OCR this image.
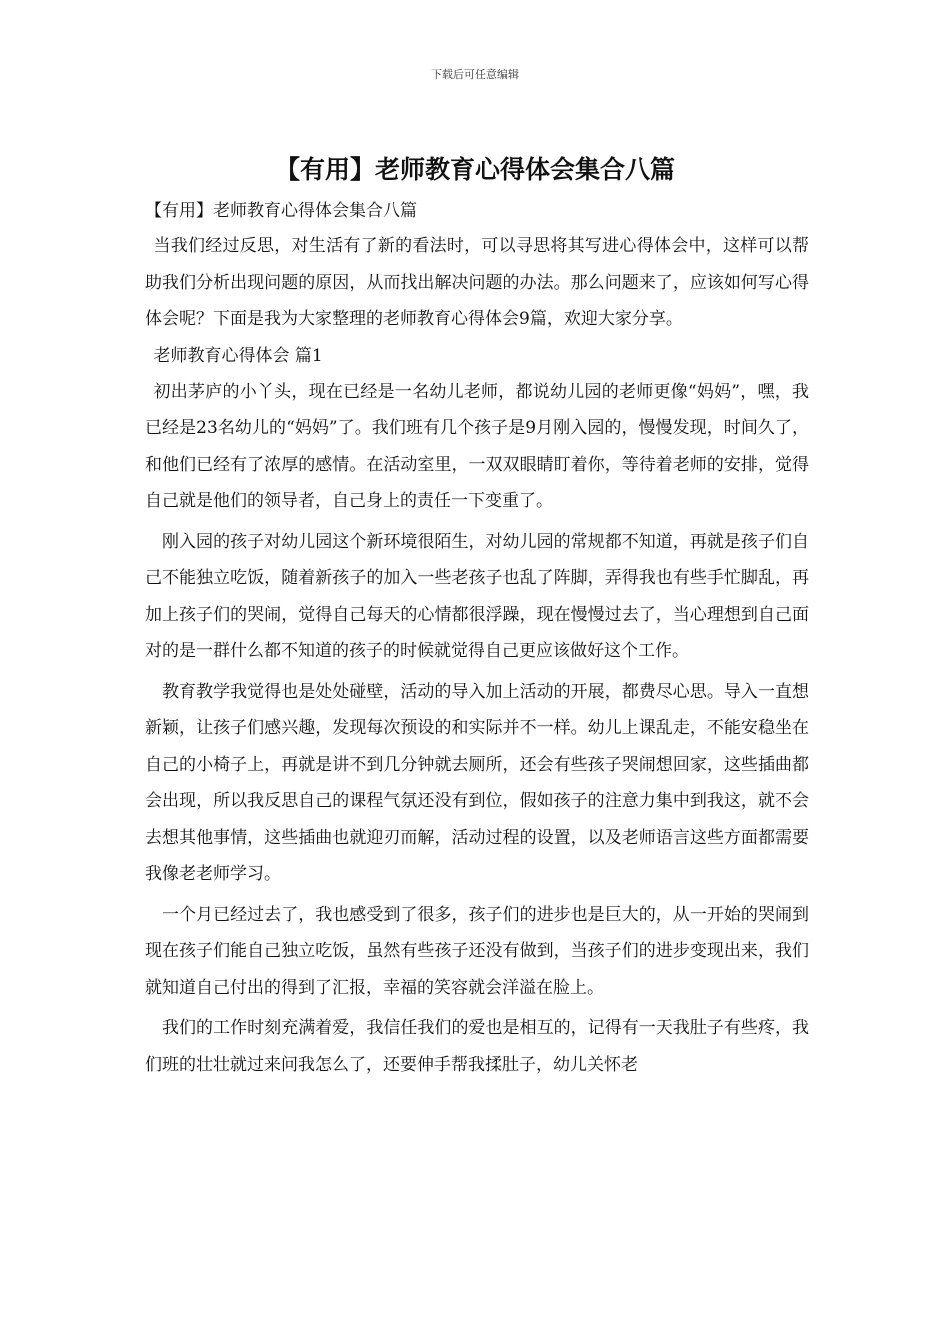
下载后可任意编辑
【有用】老师教育心得体会集合八篇
【有用】老师教育心得体会集合八篇

当我们经过反思，对生活有了新的看法时，可以寻思将其写进心得体会中，这样可以帮助我们分析出现问题的原因，从而找出解决问题的办法。那么问题来了，应该如何写心得体会呢？下面是我为大家整理的老师教育心得体会9篇，欢迎大家分享。

老师教育心得体会 篇1

初出茅庐的小丫头，现在已经是一名幼儿老师，都说幼儿园的老师更像“妈妈”，嘿，我已经是23名幼儿的“妈妈”了。我们班有几个孩子是9月刚入园的，慢慢发现，时间久了，和他们已经有了浓厚的感情。在活动室里，一双双眼睛盯着你，等待着老师的安排，觉得自己就是他们的领导者，自己身上的责任一下变重了。

刚入园的孩子对幼儿园这个新环境很陌生，对幼儿园的常规都不知道，再就是孩子们自己不能独立吃饭，随着新孩子的加入一些老孩子也乱了阵脚，弄得我也有些手忙脚乱，再加上孩子们的哭闹，觉得自己每天的心情都很浮躁，现在慢慢过去了，当心理想到自己面对的是一群什么都不知道的孩子的时候就觉得自己更应该做好这个工作。

教育教学我觉得也是处处碰壁，活动的导入加上活动的开展，都费尽心思。导入一直想新颖，让孩子们感兴趣，发现每次预设的和实际并不一样。幼儿上课乱走，不能安稳坐在自己的小椅子上，再就是讲不到几分钟就去厕所，还会有些孩子哭闹想回家，这些插曲都会出现，所以我反思自己的课程气氛还没有到位，假如孩子的注意力集中到我这，就不会去想其他事情，这些插曲也就迎刃而解，活动过程的设置，以及老师语言这些方面都需要我像老老师学习。

一个月已经过去了，我也感受到了很多，孩子们的进步也是巨大的，从一开始的哭闹到现在孩子们能自己独立吃饭，虽然有些孩子还没有做到，当孩子们的进步变现出来，我们就知道自己付出的得到了汇报，幸福的笑容就会洋溢在脸上。

我们的工作时刻充满着爱，我信任我们的爱也是相互的，记得有一天我肚子有些疼，我们班的壮壮就过来问我怎么了，还要伸手帮我揉肚子，幼儿关怀老
